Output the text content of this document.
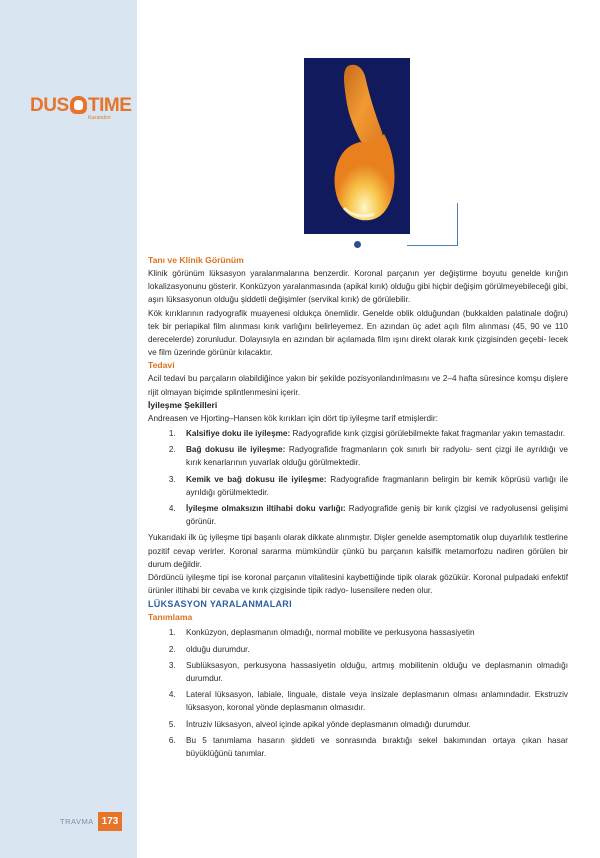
DUS TIME
Kazandırır
TRAVMA 173

Tanı ve Klinik Görünüm

Klinik görünüm lüksasyon yaralanmalarına benzerdir. Koronal parçanın yer değiştirme boyutu genelde kırığın lokalizasyonunu gösterir. Konküzyon yaralanmasında (apikal kırık) olduğu gibi hiçbir değişim görülmeyebileceği gibi, aşırı lüksasyonun olduğu şiddetli değişimler (servikal kırık) de görülebilir.

Kök kırıklarının radyografik muayenesi oldukça önemlidir. Genelde oblik olduğundan (bukkalden palatinale doğru) tek bir periapikal film alınması kırık varlığını belirleyemez. En azından üç adet açılı film alınması (45, 90 ve 110 derecelerde) zorunludur. Dolayısıyla en azından bir açılamada film ışını direkt olarak kırık çizgisinden geçebi- lecek ve film üzerinde görünür kılacaktır.

Tedavi

Acil tedavi bu parçaların olabildiğince yakın bir şekilde pozisyonlandırılmasını ve 2–4 hafta süresince komşu dişlere rijit olmayan biçimde splintlenmesini içerir.

İyileşme Şekilleri

Andreasen ve Hjorting–Hansen kök kırıkları için dört tip iyileşme tarif etmişlerdir:

1. Kalsifiye doku ile iyileşme: Radyografide kırık çizgisi görülebilmekte fakat fragmanlar yakın temastadır.
2. Bağ dokusu ile iyileşme: Radyografide fragmanların çok sınırlı bir radyolu- sent çizgi ile ayrıldığı ve kırık kenarlarının yuvarlak olduğu görülmektedir.
3. Kemik ve bağ dokusu ile iyileşme: Radyografide fragmanların belirgin bir kemik köprüsü varlığı ile ayrıldığı görülmektedir.
4. İyileşme olmaksızın iltihabi doku varlığı: Radyografide geniş bir kırık çizgisi ve radyolusensi gelişimi görünür.

Yukarıdaki ilk üç iyileşme tipi başarılı olarak dikkate alınmıştır. Dişler genelde asemptomatik olup duyarlılık testlerine pozitif cevap verirler. Koronal sararma mümkündür çünkü bu parçanın kalsifik metamorfozu nadiren görülen bir durum değildir.

Dördüncü iyileşme tipi ise koronal parçanın vitalitesini kaybettiğinde tipik olarak gözükür. Koronal pulpadaki enfektif ürünler iltihabi bir cevaba ve kırık çizgisinde tipik radyo- lusensilere neden olur.

LÜKSASYON YARALANMALARI

Tanımlama

1. Konküzyon, deplasmanın olmadığı, normal mobilite ve perkusyona hassasiyetin
2. olduğu durumdur.
3. Sublüksasyon, perkusyona hassasiyetin olduğu, artmış mobilitenin olduğu ve deplasmanın olmadığı durumdur.
4. Lateral lüksasyon, labiale, linguale, distale veya insizale deplasmanın olması anlamındadır. Ekstruziv lüksasyon, koronal yönde deplasmanın olmasıdır.
5. İntruziv lüksasyon, alveol içinde apikal yönde deplasmanın olmadığı durumdur.
6. Bu 5 tanımlama hasarın şiddeti ve sonrasında bıraktığı sekel bakımından ortaya çıkan hasar büyüklüğünü tanımlar.
